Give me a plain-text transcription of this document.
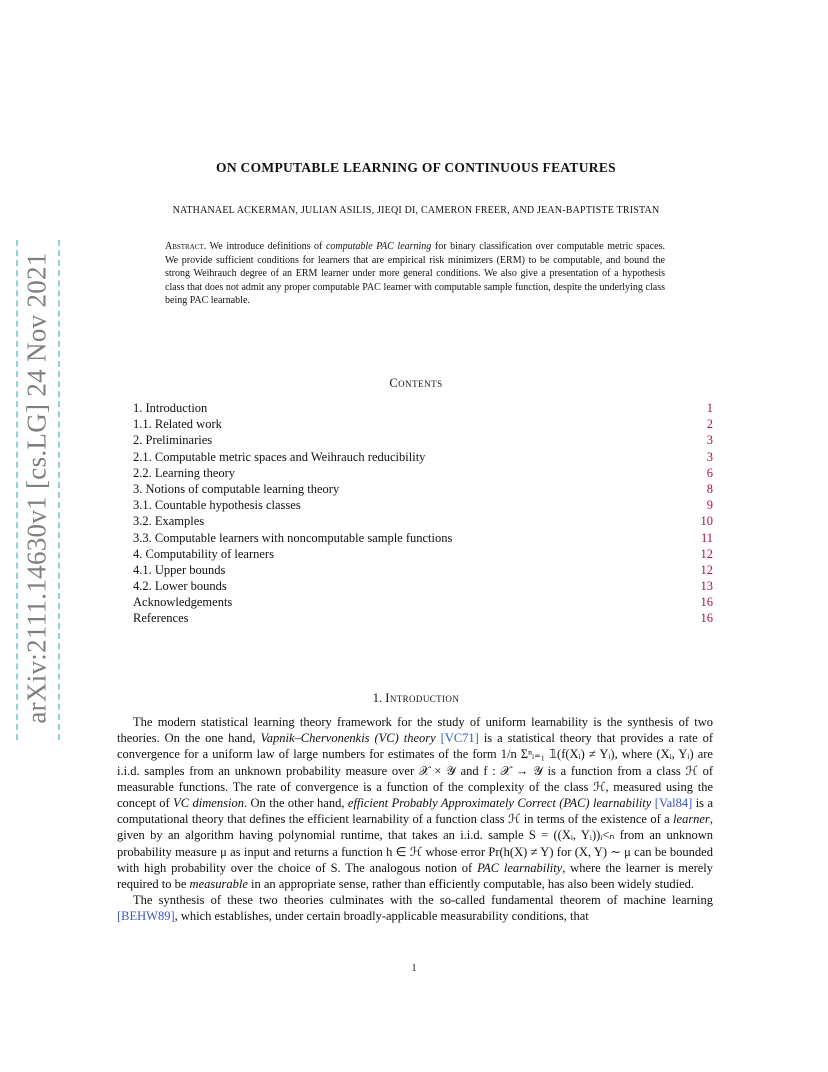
arXiv:2111.14630v1 [cs.LG] 24 Nov 2021
ON COMPUTABLE LEARNING OF CONTINUOUS FEATURES
NATHANAEL ACKERMAN, JULIAN ASILIS, JIEQI DI, CAMERON FREER, AND JEAN-BAPTISTE TRISTAN
Abstract. We introduce definitions of computable PAC learning for binary classification over computable metric spaces. We provide sufficient conditions for learners that are empirical risk minimizers (ERM) to be computable, and bound the strong Weihrauch degree of an ERM learner under more general conditions. We also give a presentation of a hypothesis class that does not admit any proper computable PAC learner with computable sample function, despite the underlying class being PAC learnable.
Contents
1. Introduction	1
1.1. Related work	2
2. Preliminaries	3
2.1. Computable metric spaces and Weihrauch reducibility	3
2.2. Learning theory	6
3. Notions of computable learning theory	8
3.1. Countable hypothesis classes	9
3.2. Examples	10
3.3. Computable learners with noncomputable sample functions	11
4. Computability of learners	12
4.1. Upper bounds	12
4.2. Lower bounds	13
Acknowledgements	16
References	16
1. Introduction

The modern statistical learning theory framework for the study of uniform learnability is the synthesis of two theories. On the one hand, Vapnik–Chervonenkis (VC) theory [VC71] is a statistical theory that provides a rate of convergence for a uniform law of large numbers for estimates of the form 1/n Σⁿᵢ₌₁ 𝟙(f(Xᵢ) ≠ Yᵢ), where (Xᵢ, Yᵢ) are i.i.d. samples from an unknown probability measure over 𝒳 × 𝒴 and f : 𝒳 → 𝒴 is a function from a class ℋ of measurable functions. The rate of convergence is a function of the complexity of the class ℋ, measured using the concept of VC dimension. On the other hand, efficient Probably Approximately Correct (PAC) learnability [Val84] is a computational theory that defines the efficient learnability of a function class ℋ in terms of the existence of a learner, given by an algorithm having polynomial runtime, that takes an i.i.d. sample S = ((Xᵢ, Yᵢ))ᵢ<ₙ from an unknown probability measure μ as input and returns a function h ∈ ℋ whose error Pr(h(X) ≠ Y) for (X, Y) ∼ μ can be bounded with high probability over the choice of S. The analogous notion of PAC learnability, where the learner is merely required to be measurable in an appropriate sense, rather than efficiently computable, has also been widely studied.

The synthesis of these two theories culminates with the so-called fundamental theorem of machine learning [BEHW89], which establishes, under certain broadly-applicable measurability conditions, that

1
